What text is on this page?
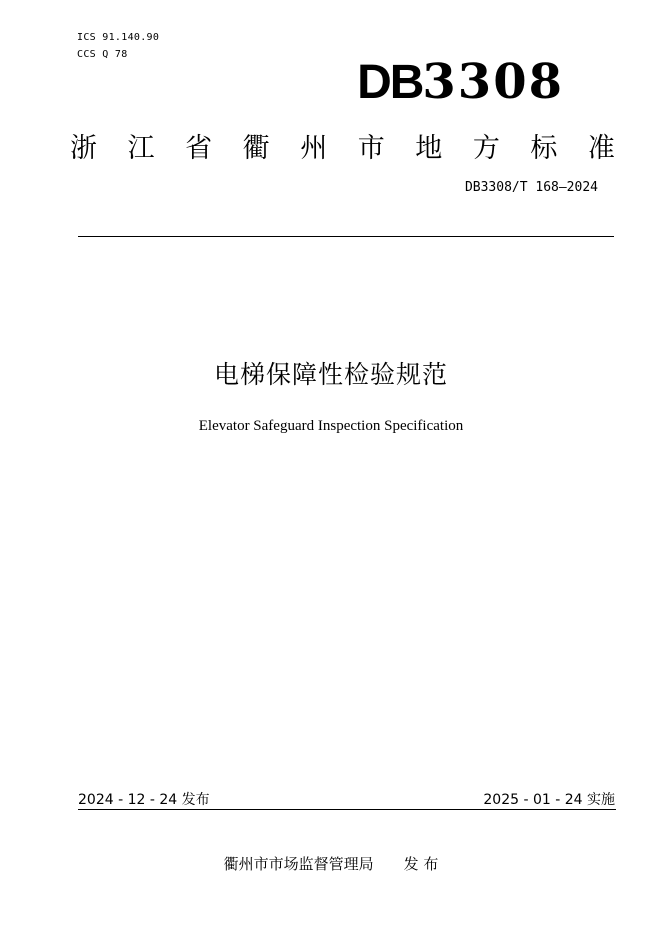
ICS 91.140.90
CCS Q 78
DB3308
浙 江 省 衢 州 市 地 方 标 准
DB3308/T 168—2024
电梯保障性检验规范
Elevator Safeguard Inspection Specification
2024 - 12 - 24 发布	2025 - 01 - 24 实施
衢州市市场监督管理局 发 布
